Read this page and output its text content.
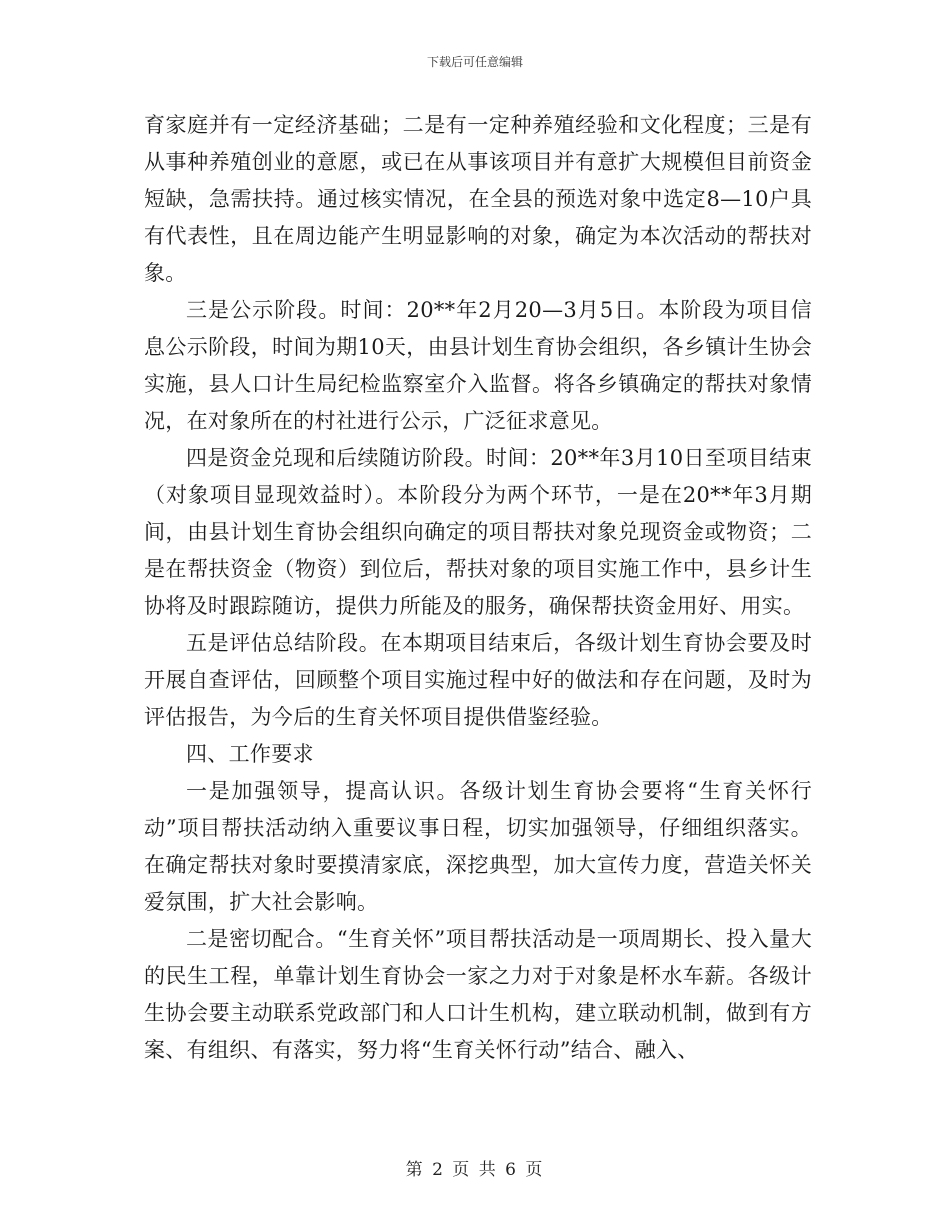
下载后可任意编辑

育家庭并有一定经济基础；二是有一定种养殖经验和文化程度；三是有从事种养殖创业的意愿，或已在从事该项目并有意扩大规模但目前资金短缺，急需扶持。通过核实情况，在全县的预选对象中选定8—10户具有代表性，且在周边能产生明显影响的对象，确定为本次活动的帮扶对象。

三是公示阶段。时间：20**年2月20—3月5日。本阶段为项目信息公示阶段，时间为期10天，由县计划生育协会组织，各乡镇计生协会实施，县人口计生局纪检监察室介入监督。将各乡镇确定的帮扶对象情况，在对象所在的村社进行公示，广泛征求意见。

四是资金兑现和后续随访阶段。时间：20**年3月10日至项目结束（对象项目显现效益时）。本阶段分为两个环节，一是在20**年3月期间，由县计划生育协会组织向确定的项目帮扶对象兑现资金或物资；二是在帮扶资金（物资）到位后，帮扶对象的项目实施工作中，县乡计生协将及时跟踪随访，提供力所能及的服务，确保帮扶资金用好、用实。

五是评估总结阶段。在本期项目结束后，各级计划生育协会要及时开展自查评估，回顾整个项目实施过程中好的做法和存在问题，及时为评估报告，为今后的生育关怀项目提供借鉴经验。

四、工作要求

一是加强领导，提高认识。各级计划生育协会要将“生育关怀行动”项目帮扶活动纳入重要议事日程，切实加强领导，仔细组织落实。在确定帮扶对象时要摸清家底，深挖典型，加大宣传力度，营造关怀关爱氛围，扩大社会影响。

二是密切配合。“生育关怀”项目帮扶活动是一项周期长、投入量大的民生工程，单靠计划生育协会一家之力对于对象是杯水车薪。各级计生协会要主动联系党政部门和人口计生机构，建立联动机制，做到有方案、有组织、有落实，努力将“生育关怀行动”结合、融入、

第 2 页 共 6 页
